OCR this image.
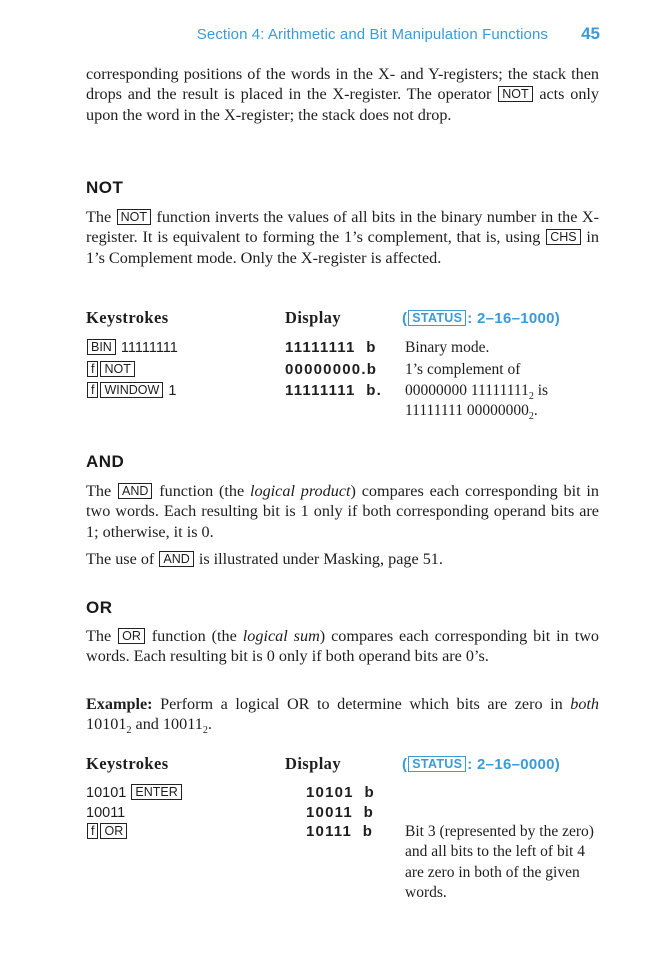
Section 4: Arithmetic and Bit Manipulation Functions 45

corresponding positions of the words in the X- and Y-registers; the stack then drops and the result is placed in the X-register. The operator NOT acts only upon the word in the X-register; the stack does not drop.

NOT

The NOT function inverts the values of all bits in the binary number in the X-register. It is equivalent to forming the 1’s complement, that is, using CHS in 1’s Complement mode. Only the X-register is affected.

Keystrokes	Display	( STATUS : 2–16–1000)
BIN 11111111	11111111  b Binary mode.
f NOT	00000000.b 1’s complement of
f WINDOW 1	11111111  b. 00000000 $11111111_2$ is
11111111 $00000000_2$.
AND

The AND function (the logical product) compares each corresponding bit in two words. Each resulting bit is 1 only if both corresponding operand bits are 1; otherwise, it is 0.

The use of AND is illustrated under Masking, page 51.

OR

The OR function (the logical sum) compares each corresponding bit in two words. Each resulting bit is 0 only if both operand bits are 0’s.

Example: Perform a logical OR to determine which bits are zero in both $10101_2$ and $10011_2$.

Keystrokes	Display	( STATUS : 2–16–0000)
10101 ENTER	10101  b
10011	10011  b
f OR	10111  b Bit 3 (represented by the zero) and all bits to the left of bit 4 are zero in both of the given words.
